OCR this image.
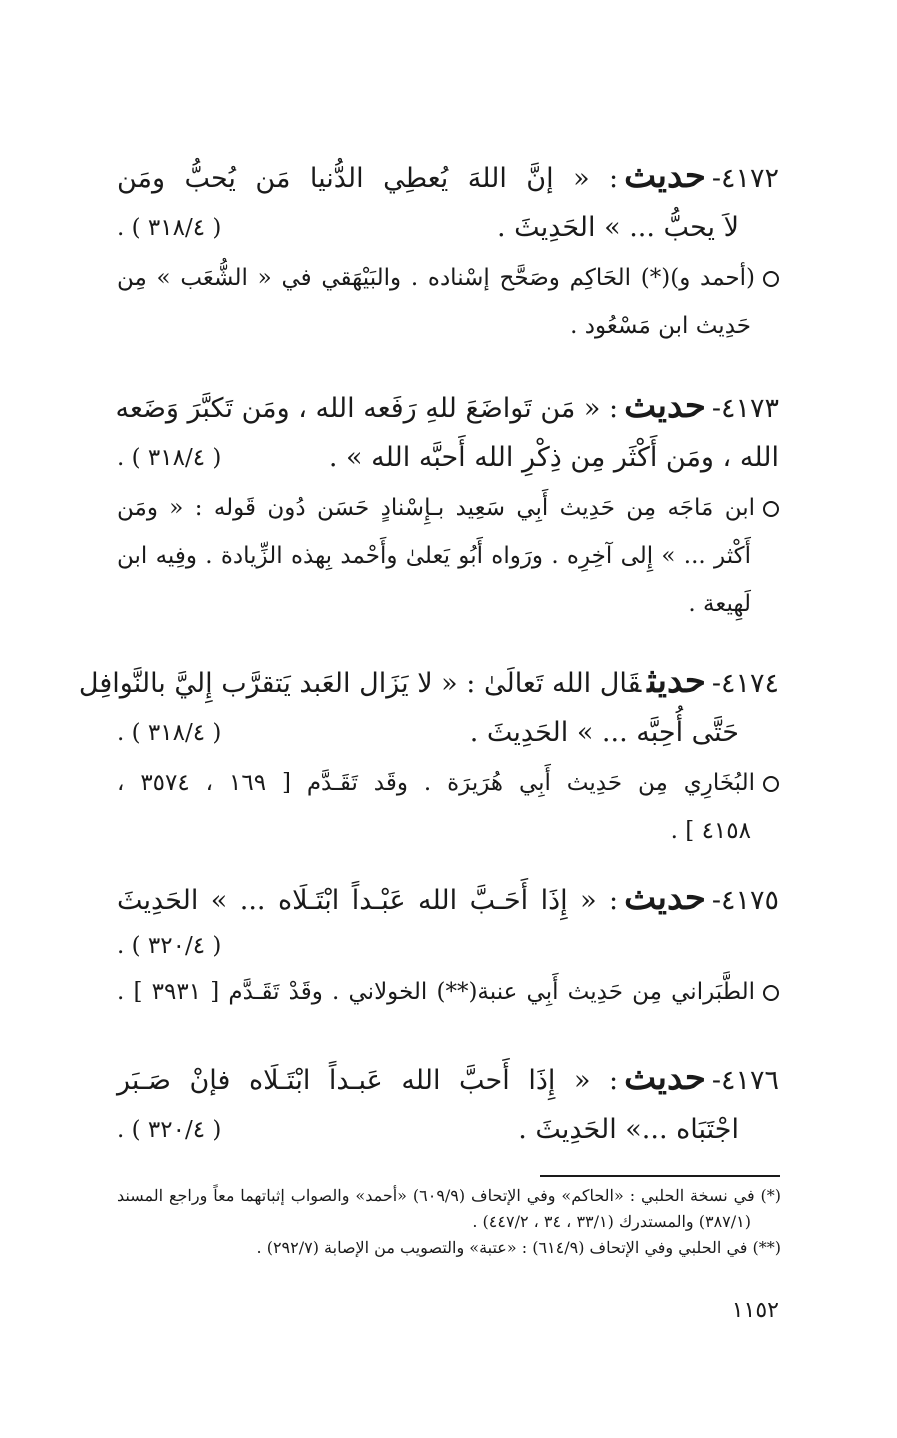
٤١٧٢-حديث: « إنَّ اللهَ يُعطِي الدُّنيا مَن يُحبُّ ومَن
لاَ يحبُّ ... » الحَدِيثَ .
( ٣١٨/٤ ) .
(أحمد و)(*) الحَاكِم وصَحَّح إسْناده . والبَيْهَقي في « الشُّعَب » مِن
حَدِيث ابن مَسْعُود .
٤١٧٣-حديث: « مَن تَواضَعَ للهِ رَفَعه الله ، ومَن تَكبَّرَ وَضَعه
الله ، ومَن أَكْثَر مِن ذِكْرِ الله أَحبَّه الله » .
( ٣١٨/٤ ) .
ابن مَاجَه مِن حَدِيث أَبِي سَعِيد بـإِسْنادٍ حَسَن دُون قَوله : « ومَن
أَكْثر ... » إِلى آخِرِه . ورَواه أَبُو يَعلىٰ وأَحْمد بِهذه الزِّيادة . وفِيه ابن
لَهِيعة .
٤١٧٤-حديثقَال الله تَعالَىٰ : « لا يَزَال العَبد يَتقرَّب إِليَّ بالنَّوافِل
حَتَّى أُحِبَّه ... » الحَدِيثَ .
( ٣١٨/٤ ) .
البُخَارِي مِن حَدِيث أَبِي هُرَيرَة . وقَد تَقَـدَّم [ ١٦٩ ، ٣٥٧٤ ،
٤١٥٨ ] .
٤١٧٥-حديث: « إِذَا أَحَـبَّ الله عَبْـداً ابْتَـلَاه ... » الحَدِيثَ
( ٣٢٠/٤ ) .
الطَّبَراني مِن حَدِيث أَبِي عنبة(**) الخولاني . وقَدْ تَقَـدَّم [ ٣٩٣١ ] .
٤١٧٦-حديث: « إِذَا أَحبَّ الله عَبـداً ابْتَـلَاه فإنْ صَـبَر
اجْتَبَاه ...» الحَدِيثَ .
( ٣٢٠/٤ ) .
(*) في نسخة الحلبي : «الحاكم» وفي الإتحاف (٦٠٩/٩) «أحمد» والصواب إثباتهما معاً وراجع المسند
(٣٨٧/١) والمستدرك (٣٣/١ ، ٣٤ ، ٤٤٧/٢) .
(**) في الحلبي وفي الإتحاف (٦١٤/٩) : «عتبة» والتصويب من الإصابة (٢٩٢/٧) .
١١٥٢
